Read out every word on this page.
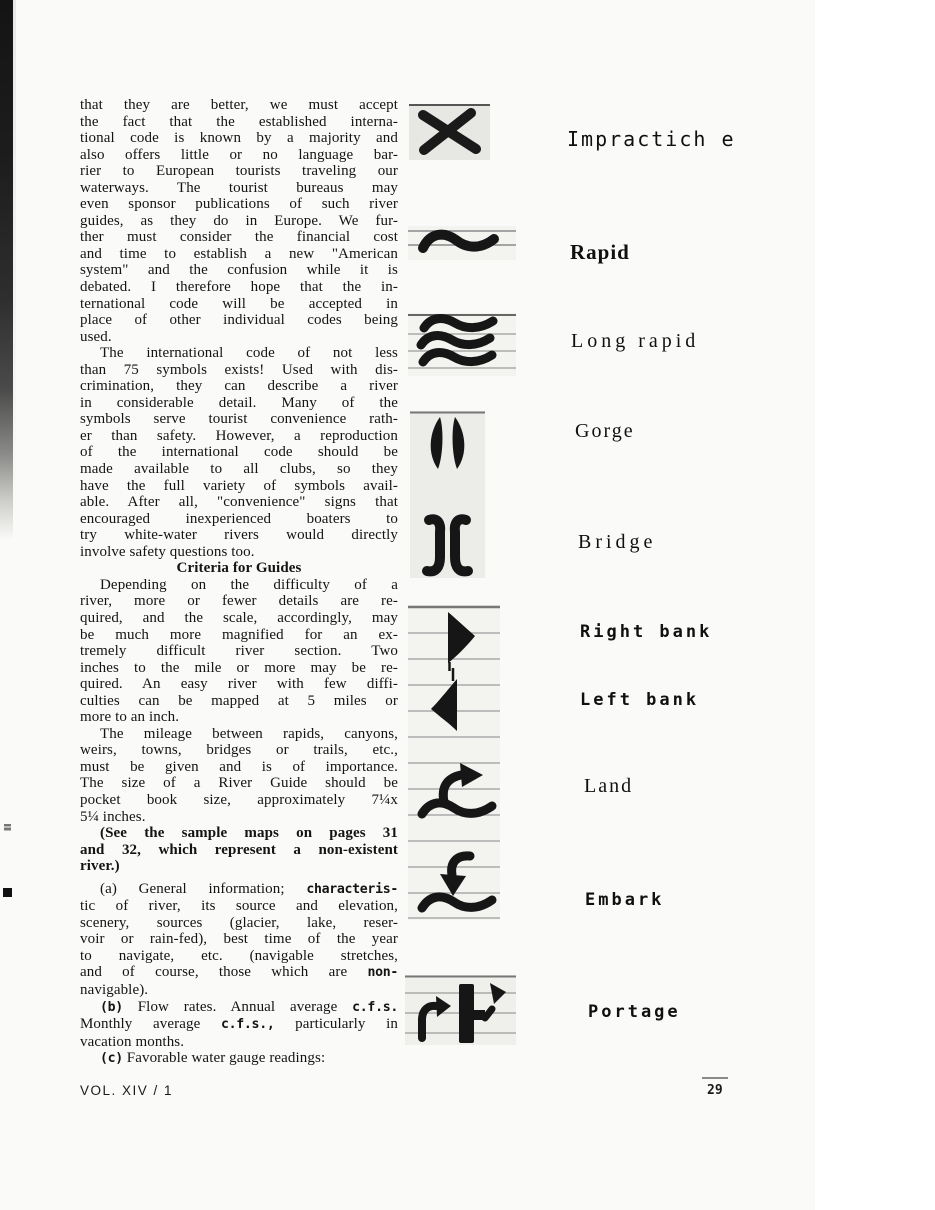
that they are better, we must accept
the fact that the established interna-
tional code is known by a majority and
also offers little or no language bar-
rier to European tourists traveling our
waterways. The tourist bureaus may
even sponsor publications of such river
guides, as they do in Europe. We fur-
ther must consider the financial cost
and time to establish a new "American
system" and the confusion while it is
debated. I therefore hope that the in-
ternational code will be accepted in
place of other individual codes being
used.
The international code of not less
than 75 symbols exists! Used with dis-
crimination, they can describe a river
in considerable detail. Many of the
symbols serve tourist convenience rath-
er than safety. However, a reproduction
of the international code should be
made available to all clubs, so they
have the full variety of symbols avail-
able. After all, "convenience" signs that
encouraged inexperienced boaters to
try white-water rivers would directly
involve safety questions too.
Criteria for Guides
Depending on the difficulty of a
river, more or fewer details are re-
quired, and the scale, accordingly, may
be much more magnified for an ex-
tremely difficult river section. Two
inches to the mile or more may be re-
quired. An easy river with few diffi-
culties can be mapped at 5 miles or
more to an inch.
The mileage between rapids, canyons,
weirs, towns, bridges or trails, etc.,
must be given and is of importance.
The size of a River Guide should be
pocket book size, approximately 7¼x
5¼ inches.
(See the sample maps on pages 31
and 32, which represent a non-existent
river.)
(a) General information; characteris-
tic of river, its source and elevation,
scenery, sources (glacier, lake, reser-
voir or rain-fed), best time of the year
to navigate, etc. (navigable stretches,
and of course, those which are non-
navigable).
(b) Flow rates. Annual average c.f.s.
Monthly average c.f.s., particularly in
vacation months.
(c) Favorable water gauge readings:
Impractich e
Rapid
Long rapid
Gorge
Bridge
Right bank
Left bank
Land
Embark
Portage
VOL. XIV / 1	29
